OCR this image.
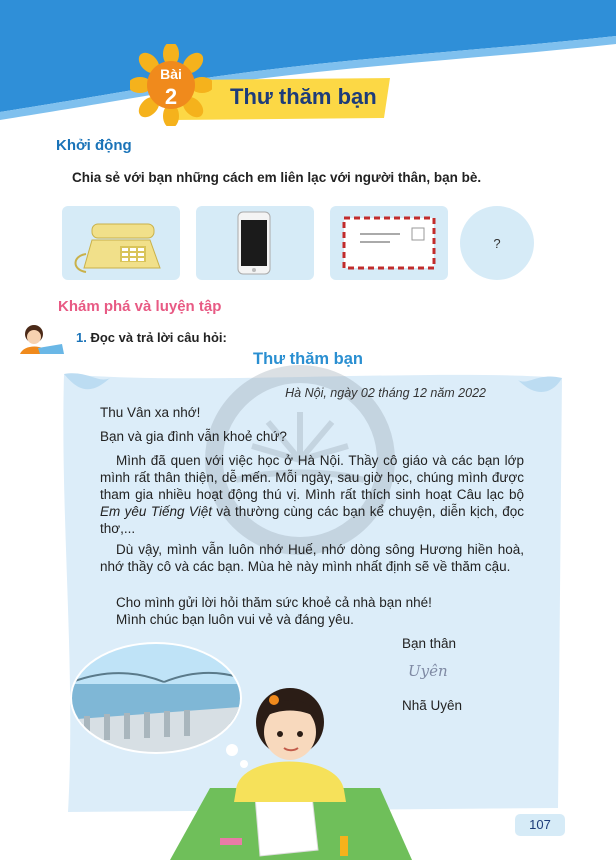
Bài
2	Thư thăm bạn
Khởi động
Chia sẻ với bạn những cách em liên lạc với người thân, bạn bè.
?
Khám phá và luyện tập
1. Đọc và trả lời câu hỏi:
Thư thăm bạn
Hà Nội, ngày 02 tháng 12 năm 2022
Thu Vân xa nhớ!
Bạn và gia đình vẫn khoẻ chứ?
Mình đã quen với việc học ở Hà Nội. Thầy cô giáo và các bạn lớp mình rất thân thiện, dễ mến. Mỗi ngày, sau giờ học, chúng mình được tham gia nhiều hoạt động thú vị. Mình rất thích sinh hoạt Câu lạc bộ Em yêu Tiếng Việt và thường cùng các bạn kể chuyện, diễn kịch, đọc thơ,...
Dù vậy, mình vẫn luôn nhớ Huế, nhớ dòng sông Hương hiền hoà, nhớ thầy cô và các bạn. Mùa hè này mình nhất định sẽ về thăm cậu.
Cho mình gửi lời hỏi thăm sức khoẻ cả nhà bạn nhé!
Mình chúc bạn luôn vui vẻ và đáng yêu.
Bạn thân
Uyên
Nhã Uyên
107
